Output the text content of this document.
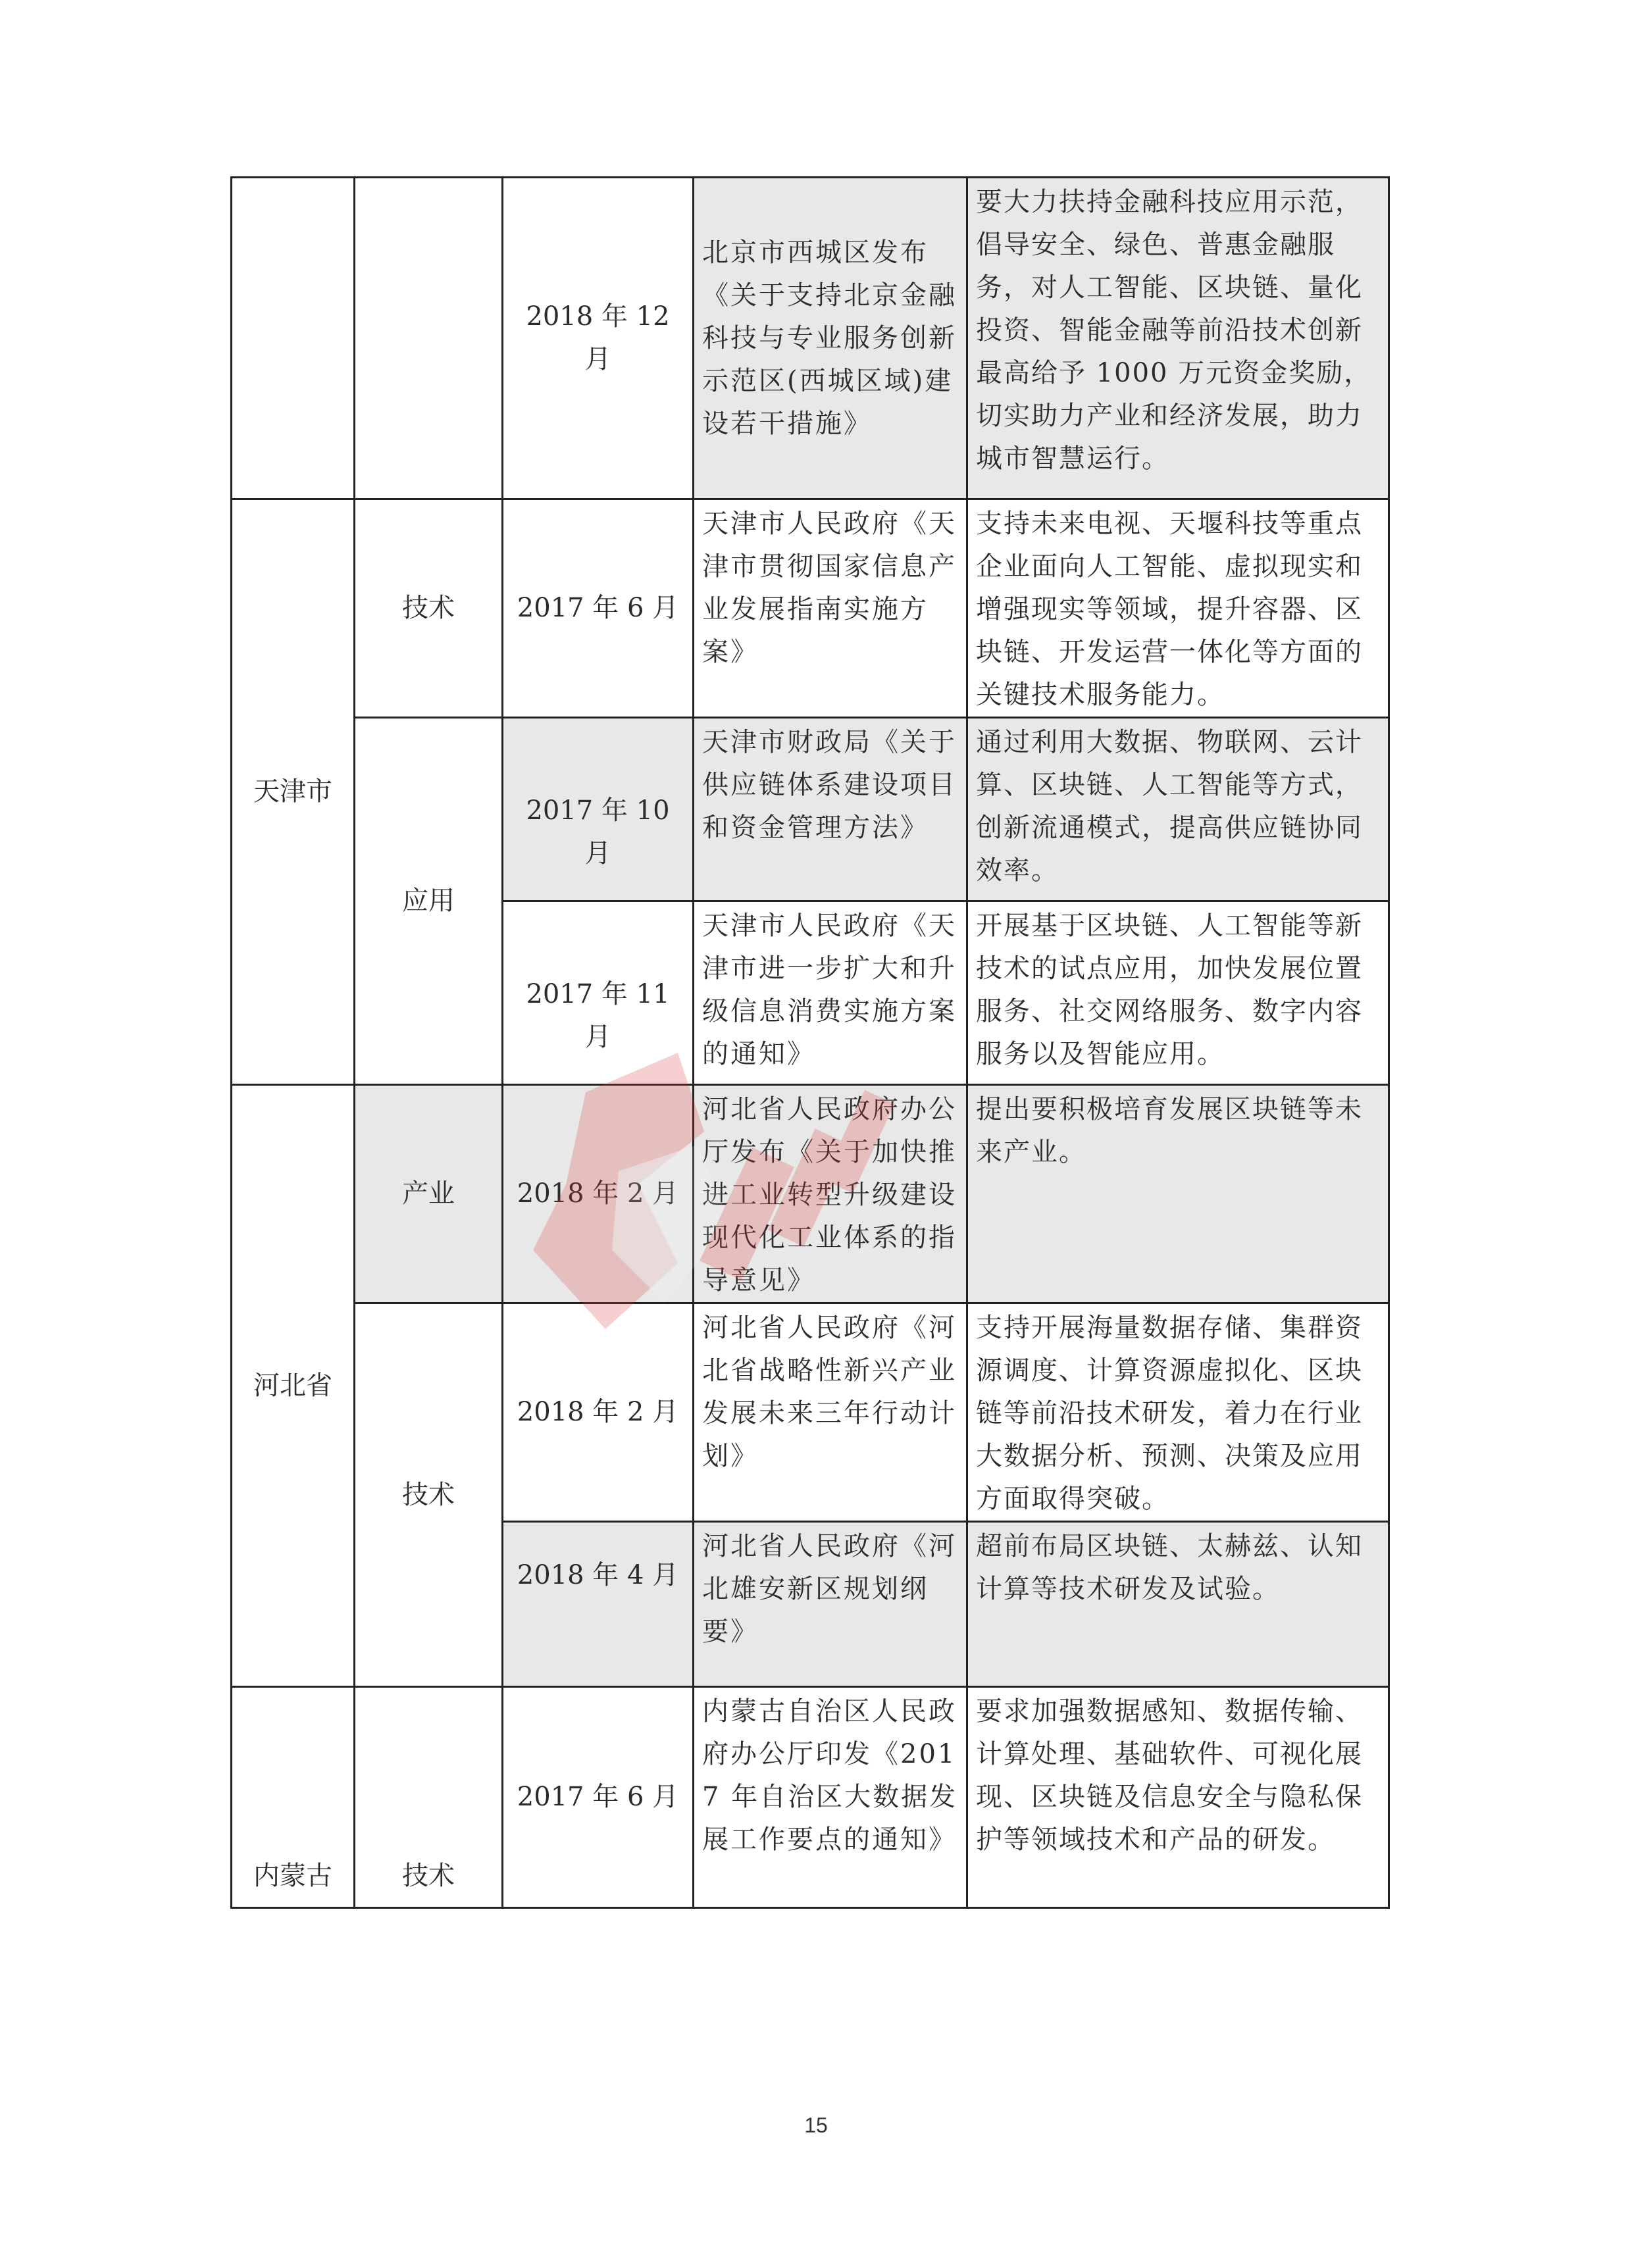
		2018 年 12 月	北京市西城区发布《关于支持北京金融科技与专业服务创新示范区(西城区域)建设若干措施》	要大力扶持金融科技应用示范，倡导安全、绿色、普惠金融服务，对人工智能、区块链、量化投资、智能金融等前沿技术创新最高给予 1000 万元资金奖励，切实助力产业和经济发展，助力城市智慧运行。
天津市	技术	2017 年 6 月	天津市人民政府《天津市贯彻国家信息产业发展指南实施方案》	支持未来电视、天堰科技等重点企业面向人工智能、虚拟现实和增强现实等领域，提升容器、区块链、开发运营一体化等方面的关键技术服务能力。
	应用	2017 年 10 月	天津市财政局《关于供应链体系建设项目和资金管理方法》	通过利用大数据、物联网、云计算、区块链、人工智能等方式，创新流通模式，提高供应链协同效率。
		2017 年 11 月	天津市人民政府《天津市进一步扩大和升级信息消费实施方案的通知》	开展基于区块链、人工智能等新技术的试点应用，加快发展位置服务、社交网络服务、数字内容服务以及智能应用。
河北省	产业	2018 年 2 月	河北省人民政府办公厅发布《关于加快推进工业转型升级建设现代化工业体系的指导意见》	提出要积极培育发展区块链等未来产业。
	技术	2018 年 2 月	河北省人民政府《河北省战略性新兴产业发展未来三年行动计划》	支持开展海量数据存储、集群资源调度、计算资源虚拟化、区块链等前沿技术研发，着力在行业大数据分析、预测、决策及应用方面取得突破。
		2018 年 4 月	河北省人民政府《河北雄安新区规划纲要》	超前布局区块链、太赫兹、认知计算等技术研发及试验。
内蒙古	技术	2017 年 6 月	内蒙古自治区人民政府办公厅印发《2017 年自治区大数据发展工作要点的通知》	要求加强数据感知、数据传输、计算处理、基础软件、可视化展现、区块链及信息安全与隐私保护等领域技术和产品的研发。
15
